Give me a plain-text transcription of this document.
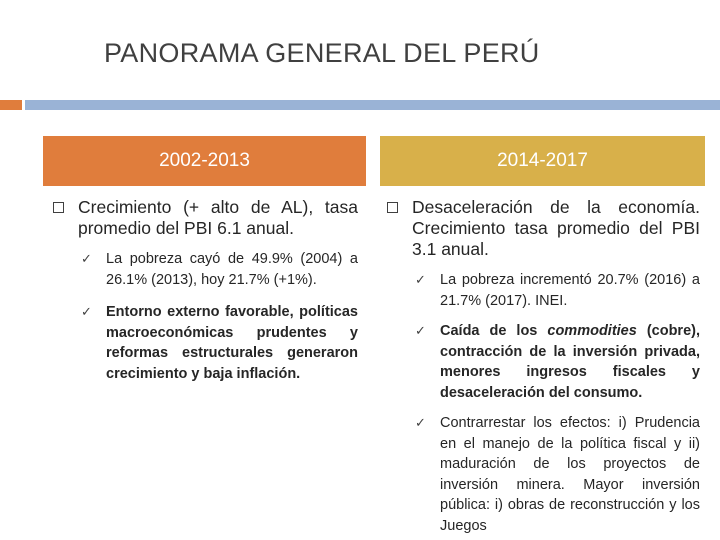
PANORAMA GENERAL DEL PERÚ
2002-2013	2014-2017
Crecimiento (+ alto de AL), tasa promedio del PBI 6.1 anual.
✓ La pobreza cayó de 49.9% (2004) a 26.1% (2013), hoy 21.7% (+1%).
✓ Entorno externo favorable, políticas macroeconómicas prudentes y reformas estructurales generaron crecimiento y baja inflación.
Desaceleración de la economía. Crecimiento tasa promedio del PBI 3.1 anual.
✓ La pobreza incrementó 20.7% (2016) a 21.7% (2017). INEI.
✓ Caída de los commodities (cobre), contracción de la inversión privada, menores ingresos fiscales y desaceleración del consumo.
✓ Contrarrestar los efectos: i) Prudencia en el manejo de la política fiscal y ii) maduración de los proyectos de inversión minera. Mayor inversión pública: i) obras de reconstrucción y los Juegos
